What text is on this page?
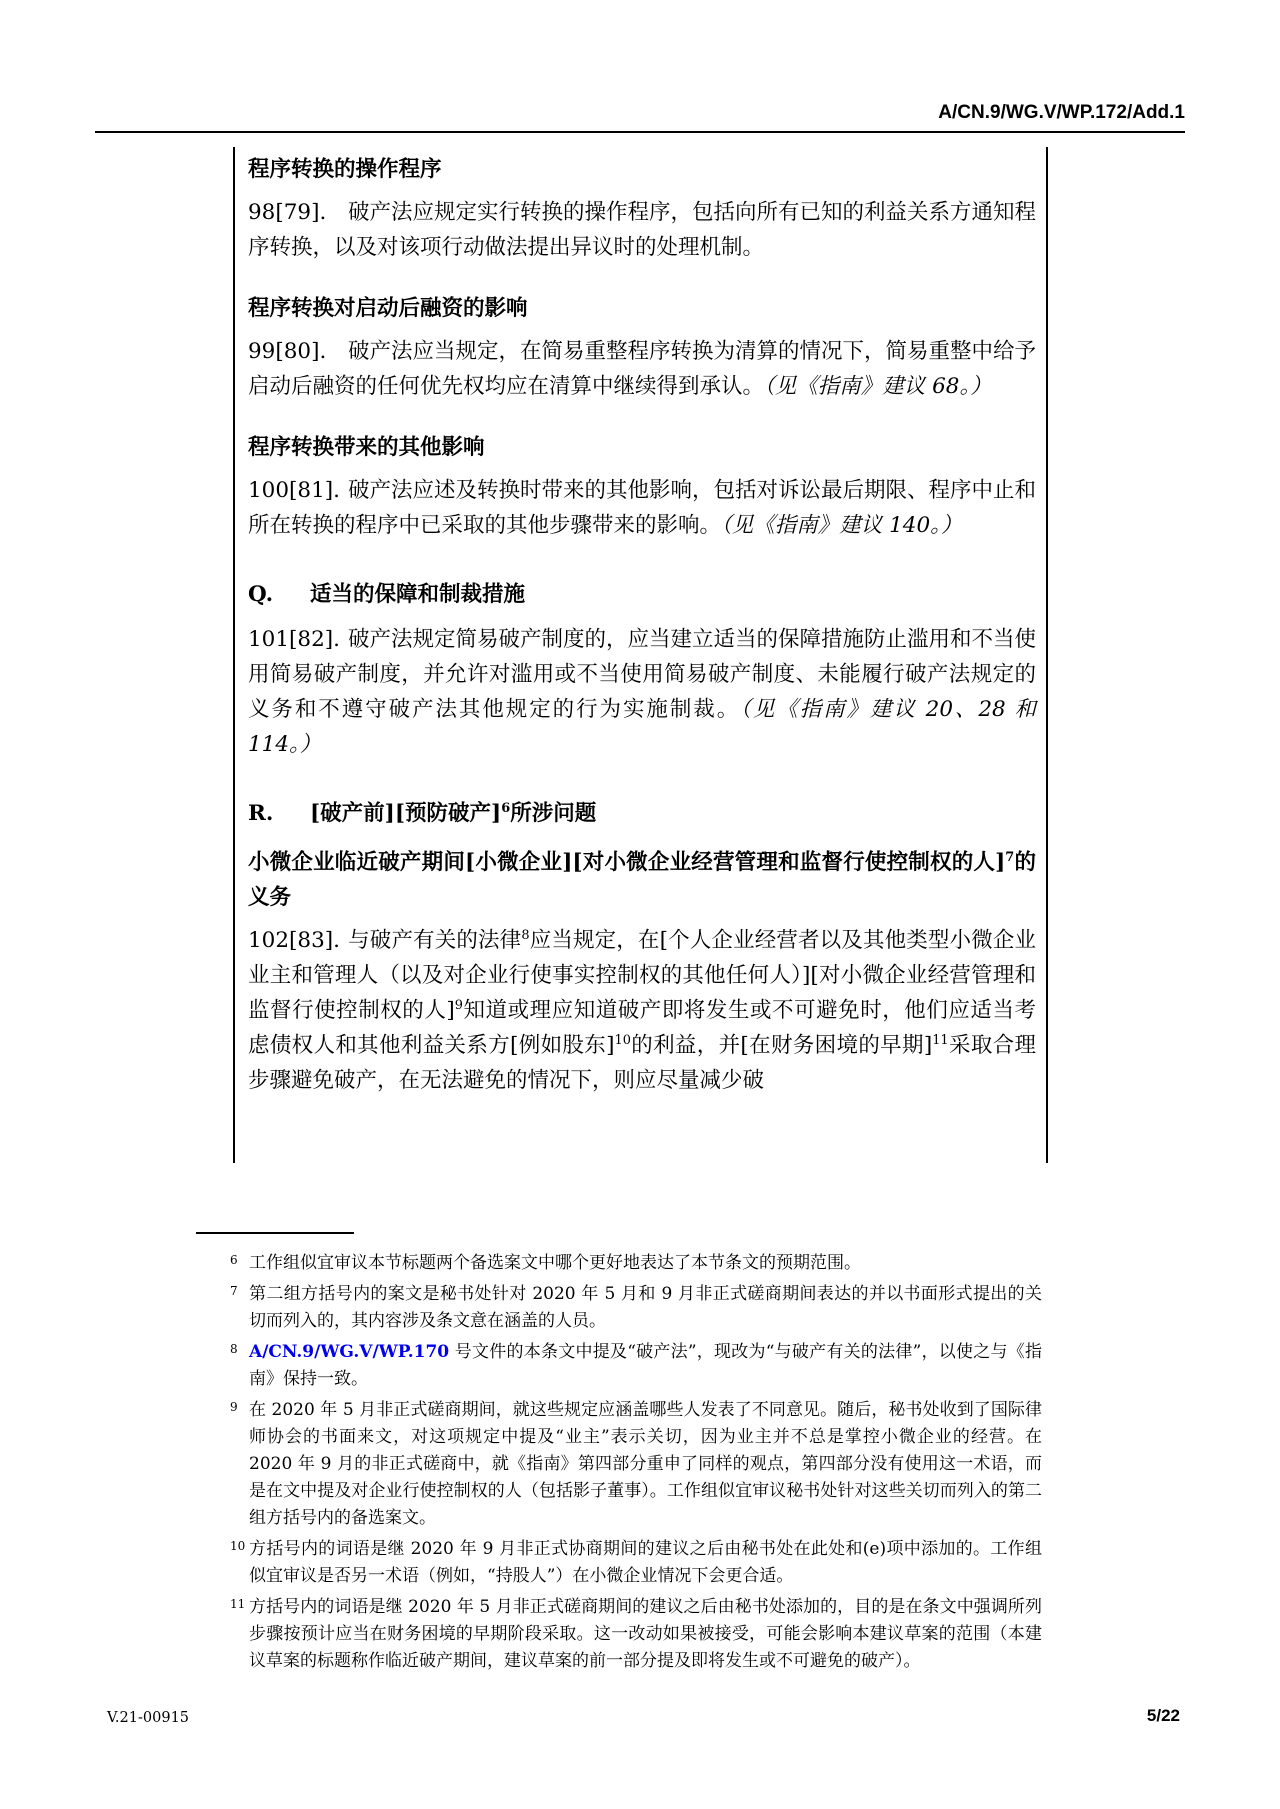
A/CN.9/WG.V/WP.172/Add.1
程序转换的操作程序

98[79]. 破产法应规定实行转换的操作程序，包括向所有已知的利益关系方通知程序转换，以及对该项行动做法提出异议时的处理机制。

程序转换对启动后融资的影响

99[80]. 破产法应当规定，在简易重整程序转换为清算的情况下，简易重整中给予启动后融资的任何优先权均应在清算中继续得到承认。（见《指南》建议 68。）

程序转换带来的其他影响

100[81]. 破产法应述及转换时带来的其他影响，包括对诉讼最后期限、程序中止和所在转换的程序中已采取的其他步骤带来的影响。（见《指南》建议 140。）

Q. 适当的保障和制裁措施

101[82]. 破产法规定简易破产制度的，应当建立适当的保障措施防止滥用和不当使用简易破产制度，并允许对滥用或不当使用简易破产制度、未能履行破产法规定的义务和不遵守破产法其他规定的行为实施制裁。（见《指南》建议 20、28 和 114。）

R. [破产前][预防破产]$^6$所涉问题
小微企业临近破产期间[小微企业][对小微企业经营管理和监督行使控制权的人]$^7$的义务

102[83]. 与破产有关的法律$^8$应当规定，在[个人企业经营者以及其他类型小微企业业主和管理人（以及对企业行使事实控制权的其他任何人）][对小微企业经营管理和监督行使控制权的人]$^9$知道或理应知道破产即将发生或不可避免时，他们应适当考虑债权人和其他利益关系方[例如股东]$^{10}$的利益，并[在财务困境的早期]$^{11}$采取合理步骤避免破产，在无法避免的情况下，则应尽量减少破

6 工作组似宜审议本节标题两个备选案文中哪个更好地表达了本节条文的预期范围。
7 第二组方括号内的案文是秘书处针对 2020 年 5 月和 9 月非正式磋商期间表达的并以书面形式提出的关切而列入的，其内容涉及条文意在涵盖的人员。
8 A/CN.9/WG.V/WP.170 号文件的本条文中提及“破产法”，现改为“与破产有关的法律”，以使之与《指南》保持一致。
9 在 2020 年 5 月非正式磋商期间，就这些规定应涵盖哪些人发表了不同意见。随后，秘书处收到了国际律师协会的书面来文，对这项规定中提及“业主”表示关切，因为业主并不总是掌控小微企业的经营。在 2020 年 9 月的非正式磋商中，就《指南》第四部分重申了同样的观点，第四部分没有使用这一术语，而是在文中提及对企业行使控制权的人（包括影子董事）。工作组似宜审议秘书处针对这些关切而列入的第二组方括号内的备选案文。
10 方括号内的词语是继 2020 年 9 月非正式协商期间的建议之后由秘书处在此处和(e)项中添加的。工作组似宜审议是否另一术语（例如，“持股人”）在小微企业情况下会更合适。
11 方括号内的词语是继 2020 年 5 月非正式磋商期间的建议之后由秘书处添加的，目的是在条文中强调所列步骤按预计应当在财务困境的早期阶段采取。这一改动如果被接受，可能会影响本建议草案的范围（本建议草案的标题称作临近破产期间，建议草案的前一部分提及即将发生或不可避免的破产）。
V.21-00915	5/22
